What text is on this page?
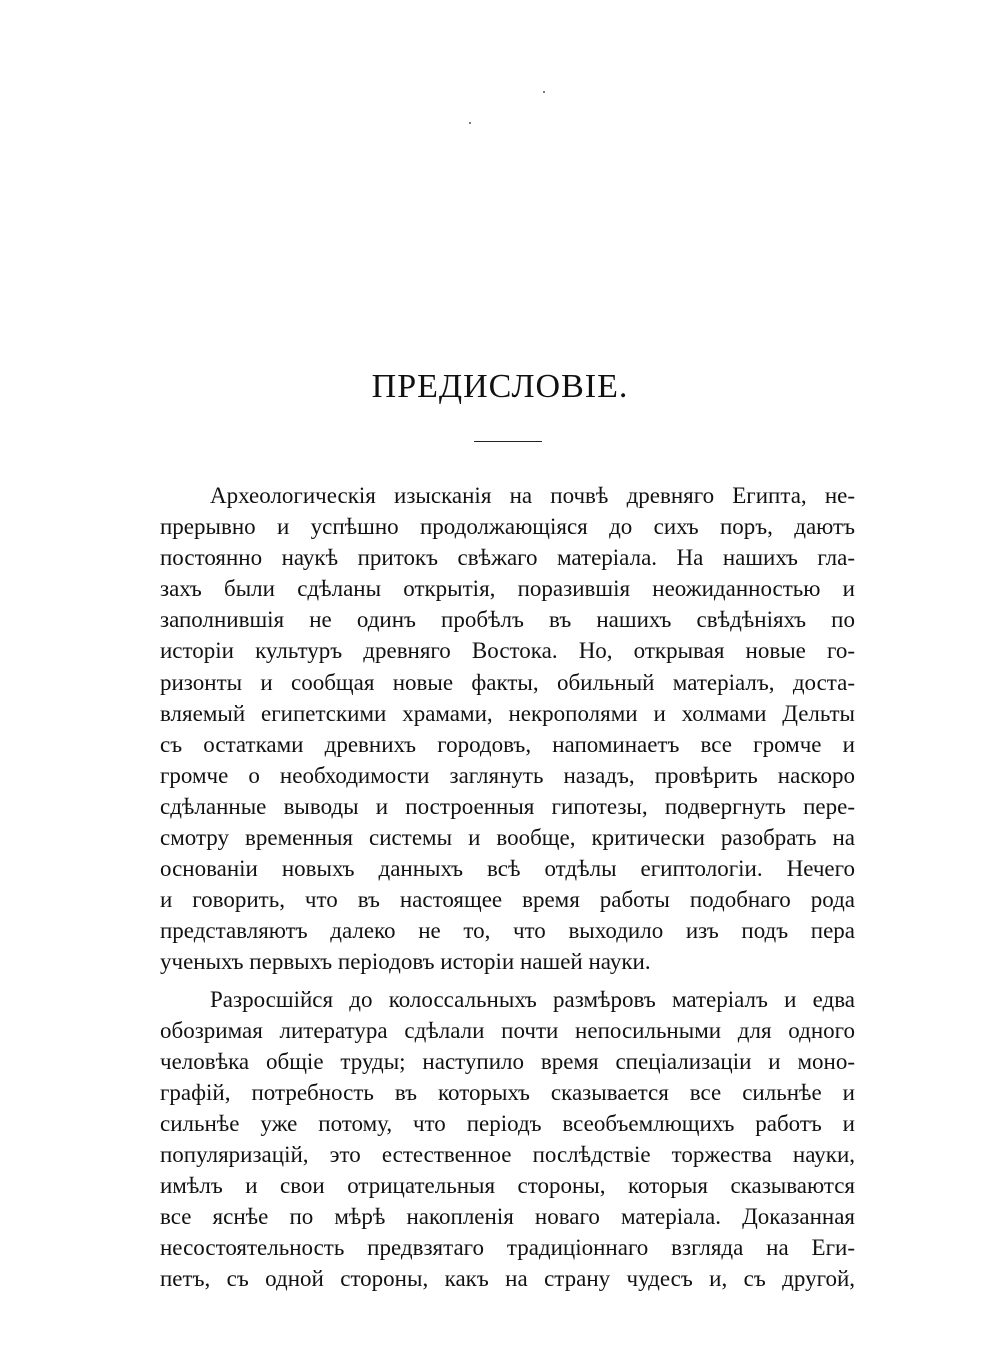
ПРЕДИСЛОВІЕ.
Археологическія изысканія на почвѣ древняго Египта, не-
прерывно и успѣшно продолжающіяся до сихъ поръ, даютъ
постоянно наукѣ притокъ свѣжаго матеріала. На нашихъ гла-
захъ были сдѣланы открытія, поразившія неожиданностью и
заполнившія не одинъ пробѣлъ въ нашихъ свѣдѣніяхъ по
исторіи культуръ древняго Востока. Но, открывая новые го-
ризонты и сообщая новые факты, обильный матеріалъ, доста-
вляемый египетскими храмами, некрополями и холмами Дельты
съ остатками древнихъ городовъ, напоминаетъ все громче и
громче о необходимости заглянуть назадъ, провѣрить наскоро
сдѣланные выводы и построенныя гипотезы, подвергнуть пере-
смотру временныя системы и вообще, критически разобрать на
основаніи новыхъ данныхъ всѣ отдѣлы египтологіи. Нечего
и говорить, что въ настоящее время работы подобнаго рода
представляютъ далеко не то, что выходило изъ подъ пера
ученыхъ первыхъ періодовъ исторіи нашей науки.
Разросшійся до колоссальныхъ размѣровъ матеріалъ и едва
обозримая литература сдѣлали почти непосильными для одного
человѣка общіе труды; наступило время спеціализаціи и моно-
графій, потребность въ которыхъ сказывается все сильнѣе и
сильнѣе уже потому, что періодъ всеобъемлющихъ работъ и
популяризацій, это естественное послѣдствіе торжества науки,
имѣлъ и свои отрицательныя стороны, которыя сказываются
все яснѣе по мѣрѣ накопленія новаго матеріала. Доказанная
несостоятельность предвзятаго традиціоннаго взгляда на Еги-
петъ, съ одной стороны, какъ на страну чудесъ и, съ другой,
